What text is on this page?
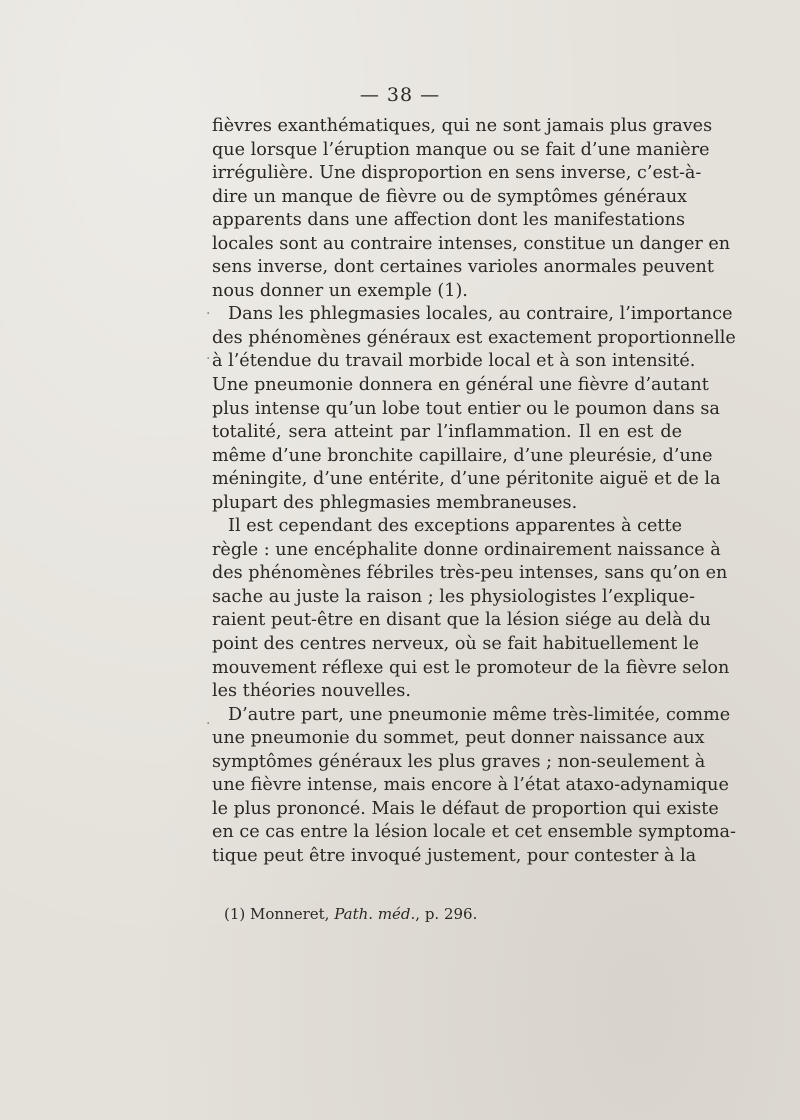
— 38 —
fièvres exanthématiques, qui ne sont jamais plus graves
que lorsque l’éruption manque ou se fait d’une manière
irrégulière. Une disproportion en sens inverse, c’est-à-
dire un manque de fièvre ou de symptômes généraux
apparents dans une affection dont les manifestations
locales sont au contraire intenses, constitue un danger en
sens inverse, dont certaines varioles anormales peuvent
nous donner un exemple (1).
Dans les phlegmasies locales, au contraire, l’importance
des phénomènes généraux est exactement proportionnelle
à l’étendue du travail morbide local et à son intensité.
Une pneumonie donnera en général une fièvre d’autant
plus intense qu’un lobe tout entier ou le poumon dans sa
totalité, sera atteint par l’inflammation. Il en est de
même d’une bronchite capillaire, d’une pleurésie, d’une
méningite, d’une entérite, d’une péritonite aiguë et de la
plupart des phlegmasies membraneuses.
Il est cependant des exceptions apparentes à cette
règle : une encéphalite donne ordinairement naissance à
des phénomènes fébriles très-peu intenses, sans qu’on en
sache au juste la raison ; les physiologistes l’explique-
raient peut-être en disant que la lésion siége au delà du
point des centres nerveux, où se fait habituellement le
mouvement réflexe qui est le promoteur de la fièvre selon
les théories nouvelles.
D’autre part, une pneumonie même très-limitée, comme
une pneumonie du sommet, peut donner naissance aux
symptômes généraux les plus graves ; non-seulement à
une fièvre intense, mais encore à l’état ataxo-adynamique
le plus prononcé. Mais le défaut de proportion qui existe
en ce cas entre la lésion locale et cet ensemble symptoma-
tique peut être invoqué justement, pour contester à la
(1) Monneret, Path. méd., p. 296.
·
·
·
